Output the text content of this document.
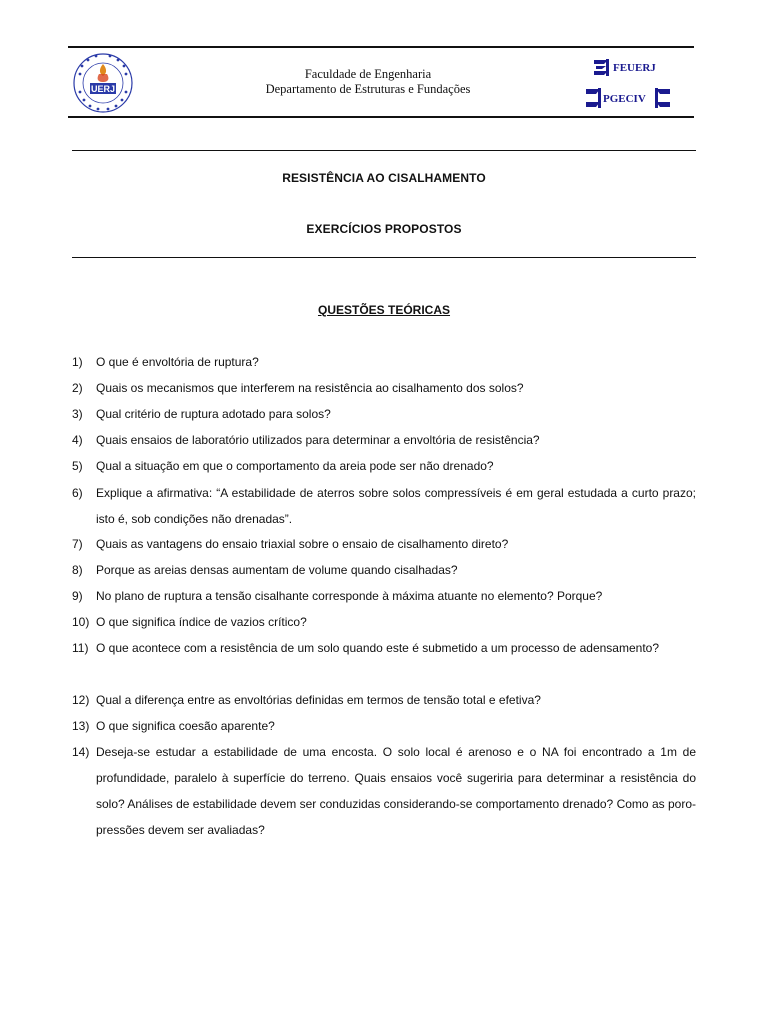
UERJ
Faculdade de Engenharia
Departamento de Estruturas e Fundações
FEUERJ
PGECIV
RESISTÊNCIA AO CISALHAMENTO
EXERCÍCIOS PROPOSTOS
QUESTÕES TEÓRICAS
1) O que é envoltória de ruptura?
2) Quais os mecanismos que interferem na resistência ao cisalhamento dos solos?
3) Qual critério de ruptura adotado para solos?
4) Quais ensaios de laboratório utilizados para determinar a envoltória de resistência?
5) Qual a situação em que o comportamento da areia pode ser não drenado?
6) Explique a afirmativa: “A estabilidade de aterros sobre solos compressíveis é em geral estudada a curto prazo; isto é, sob condições não drenadas”.
7) Quais as vantagens do ensaio triaxial sobre o ensaio de cisalhamento direto?
8) Porque as areias densas aumentam de volume quando cisalhadas?
9) No plano de ruptura a tensão cisalhante corresponde à máxima atuante no elemento? Porque?
10) O que significa índice de vazios crítico?
11) O que acontece com a resistência de um solo quando este é submetido a um processo de adensamento?
12) Qual a diferença entre as envoltórias definidas em termos de tensão total e efetiva?
13) O que significa coesão aparente?
14) Deseja-se estudar a estabilidade de uma encosta. O solo local é arenoso e o NA foi encontrado a 1m de profundidade, paralelo à superfície do terreno. Quais ensaios você sugeriria para determinar a resistência do solo? Análises de estabilidade devem ser conduzidas considerando-se comportamento drenado? Como as poro-pressões devem ser avaliadas?
